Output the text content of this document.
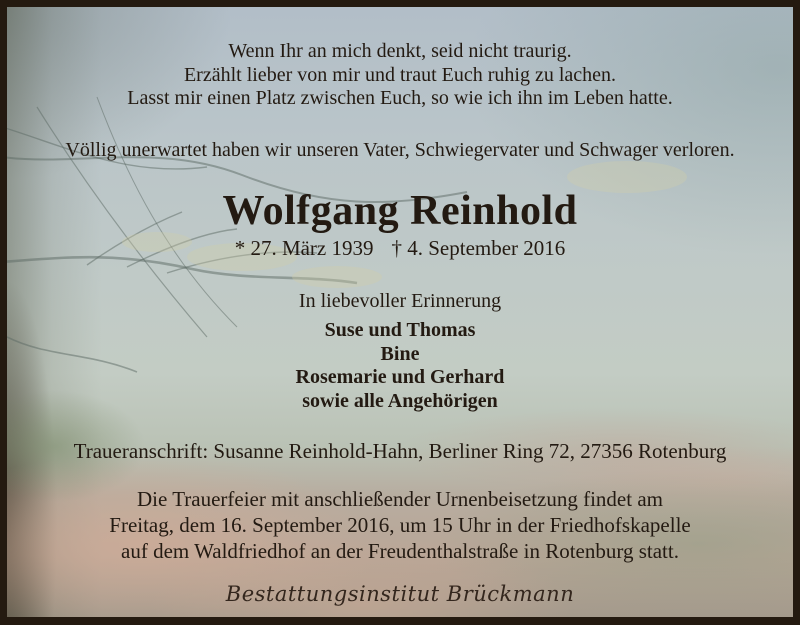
Wenn Ihr an mich denkt, seid nicht traurig.
Erzählt lieber von mir und traut Euch ruhig zu lachen.
Lasst mir einen Platz zwischen Euch, so wie ich ihn im Leben hatte.
Völlig unerwartet haben wir unseren Vater, Schwiegervater und Schwager verloren.
Wolfgang Reinhold
* 27. März 1939 † 4. September 2016
In liebevoller Erinnerung
Suse und Thomas
Bine
Rosemarie und Gerhard
sowie alle Angehörigen
Traueranschrift: Susanne Reinhold-Hahn, Berliner Ring 72, 27356 Rotenburg
Die Trauerfeier mit anschließender Urnenbeisetzung findet am
Freitag, dem 16. September 2016, um 15 Uhr in der Friedhofskapelle
auf dem Waldfriedhof an der Freudenthalstraße in Rotenburg statt.
Bestattungsinstitut Brückmann
